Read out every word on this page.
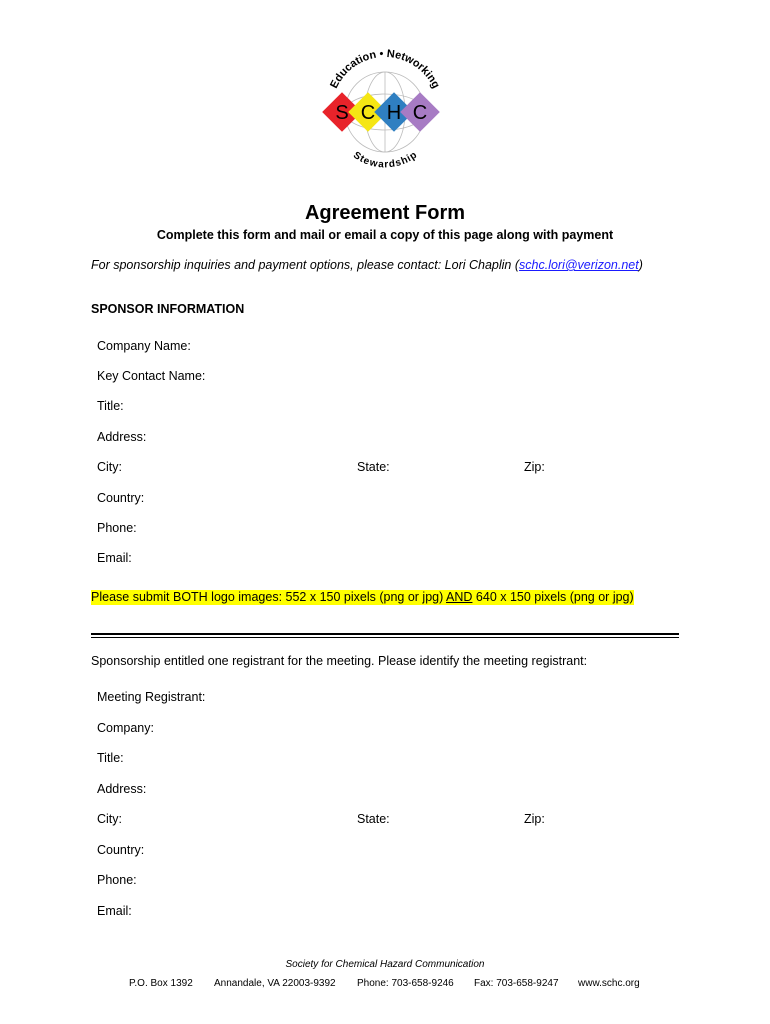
S C H C
Education • Networking
Stewardship
Agreement Form
Complete this form and mail or email a copy of this page along with payment
For sponsorship inquiries and payment options, please contact: Lori Chaplin (schc.lori@verizon.net)
SPONSOR INFORMATION
Company Name:
Key Contact Name:
Title:
Address:
City:	State:	Zip:
Country:
Phone:
Email:
Please submit BOTH logo images: 552 x 150 pixels (png or jpg) AND 640 x 150 pixels (png or jpg)
Sponsorship entitled one registrant for the meeting. Please identify the meeting registrant:
Meeting Registrant:
Company:
Title:
Address:
City:	State:	Zip:
Country:
Phone:
Email:
Society for Chemical Hazard Communication
P.O. Box 1392 Annandale, VA 22003-9392 Phone: 703-658-9246 Fax: 703-658-9247 www.schc.org
